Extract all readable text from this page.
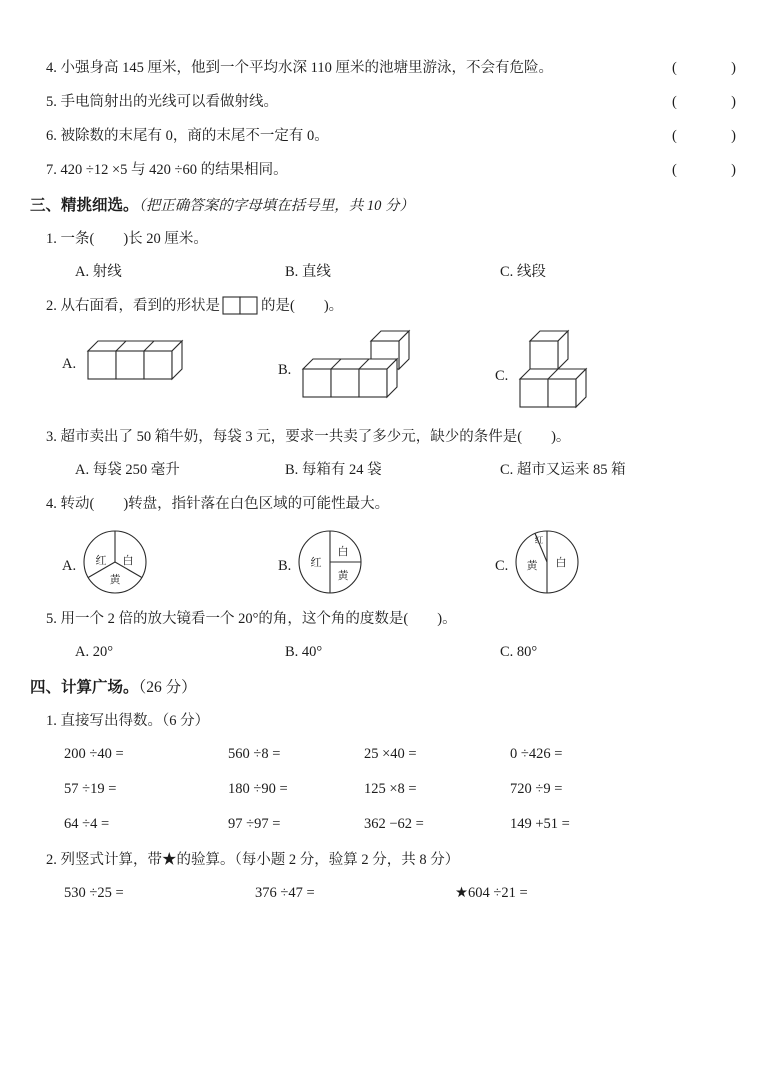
4. 小强身高 145 厘米，他到一个平均水深 110 厘米的池塘里游泳，不会有危险。	(	)
5. 手电筒射出的光线可以看做射线。	(	)
6. 被除数的末尾有 0，商的末尾不一定有 0。	(	)
7. 420 ÷12 ×5 与 420 ÷60 的结果相同。	(	)
三、精挑细选。（把正确答案的字母填在括号里，共 10 分）
1. 一条(　　)长 20 厘米。
A. 射线	B. 直线	C. 线段
2. 从右面看，看到的形状是	的是(　　)。
A.	B.	C.
3. 超市卖出了 50 箱牛奶，每袋 3 元，要求一共卖了多少元，缺少的条件是(　　)。
A. 每袋 250 毫升	B. 每箱有 24 袋	C. 超市又运来 85 箱
4. 转动(　　)转盘，指针落在白色区域的可能性最大。
A. 红 白
黄
B. 红
白
黄
C.
红
黄 白
5. 用一个 2 倍的放大镜看一个 20°的角，这个角的度数是(　　)。
A. 20°	B. 40°	C. 80°
四、计算广场。（26 分）
1. 直接写出得数。（6 分）
200 ÷40 =	560 ÷8 =	25 ×40 =	0 ÷426 =
57 ÷19 =	180 ÷90 =	125 ×8 =	720 ÷9 =
64 ÷4 =	97 ÷97 =	362 −62 =	149 +51 =
2. 列竖式计算，带★的验算。（每小题 2 分，验算 2 分，共 8 分）
530 ÷25 =	376 ÷47 =	★604 ÷21 =
